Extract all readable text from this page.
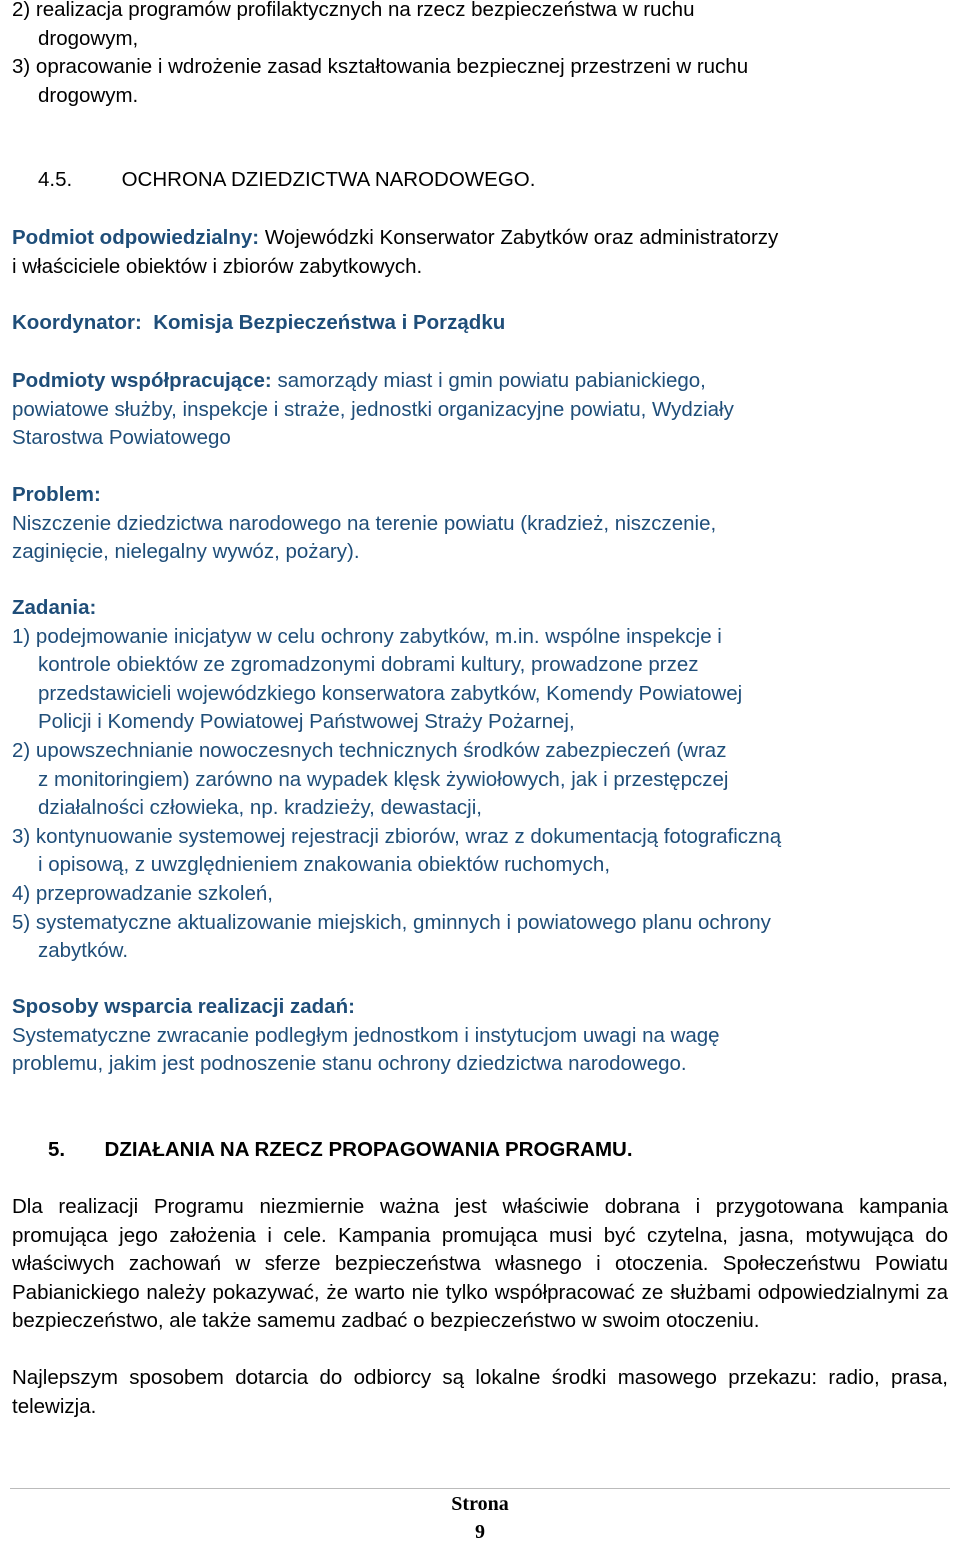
2) realizacja programów profilaktycznych na rzecz bezpieczeństwa w ruchu
drogowym,
3) opracowanie i wdrożenie zasad kształtowania bezpiecznej przestrzeni w ruchu
drogowym.
4.5. OCHRONA DZIEDZICTWA NARODOWEGO.
Podmiot odpowiedzialny: Wojewódzki Konserwator Zabytków oraz administratorzy
i właściciele obiektów i zbiorów zabytkowych.
Koordynator: Komisja Bezpieczeństwa i Porządku
Podmioty współpracujące: samorządy miast i gmin powiatu pabianickiego,
powiatowe służby, inspekcje i straże, jednostki organizacyjne powiatu, Wydziały
Starostwa Powiatowego
Problem:
Niszczenie dziedzictwa narodowego na terenie powiatu (kradzież, niszczenie,
zaginięcie, nielegalny wywóz, pożary).
Zadania:
1) podejmowanie inicjatyw w celu ochrony zabytków, m.in. wspólne inspekcje i
kontrole obiektów ze zgromadzonymi dobrami kultury, prowadzone przez
przedstawicieli wojewódzkiego konserwatora zabytków, Komendy Powiatowej
Policji i Komendy Powiatowej Państwowej Straży Pożarnej,
2) upowszechnianie nowoczesnych technicznych środków zabezpieczeń (wraz
z monitoringiem) zarówno na wypadek klęsk żywiołowych, jak i przestępczej
działalności człowieka, np. kradzieży, dewastacji,
3) kontynuowanie systemowej rejestracji zbiorów, wraz z dokumentacją fotograficzną
i opisową, z uwzględnieniem znakowania obiektów ruchomych,
4) przeprowadzanie szkoleń,
5) systematyczne aktualizowanie miejskich, gminnych i powiatowego planu ochrony
zabytków.
Sposoby wsparcia realizacji zadań:
Systematyczne zwracanie podległym jednostkom i instytucjom uwagi na wagę
problemu, jakim jest podnoszenie stanu ochrony dziedzictwa narodowego.
5. DZIAŁANIA NA RZECZ PROPAGOWANIA PROGRAMU.

Dla realizacji Programu niezmiernie ważna jest właściwie dobrana i przygotowana kampania promująca jego założenia i cele. Kampania promująca musi być czytelna, jasna, motywująca do właściwych zachowań w sferze bezpieczeństwa własnego i otoczenia. Społeczeństwu Powiatu Pabianickiego należy pokazywać, że warto nie tylko współpracować ze służbami odpowiedzialnymi za bezpieczeństwo, ale także samemu zadbać o bezpieczeństwo w swoim otoczeniu.

Najlepszym sposobem dotarcia do odbiorcy są lokalne środki masowego przekazu: radio, prasa, telewizja.

Strona
9
